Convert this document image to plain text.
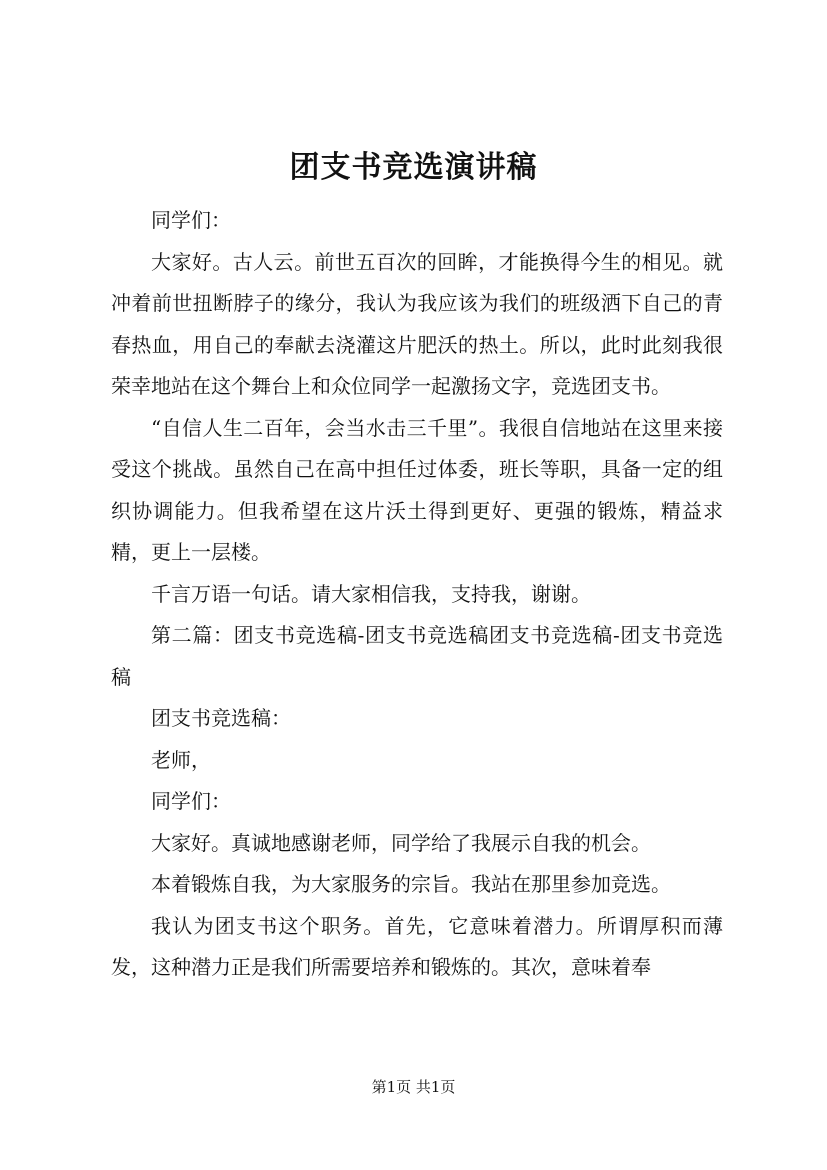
团支书竞选演讲稿

同学们：

大家好。古人云。前世五百次的回眸，才能换得今生的相见。就冲着前世扭断脖子的缘分，我认为我应该为我们的班级洒下自己的青春热血，用自己的奉献去浇灌这片肥沃的热土。所以，此时此刻我很荣幸地站在这个舞台上和众位同学一起激扬文字，竞选团支书。

“自信人生二百年，会当水击三千里”。我很自信地站在这里来接受这个挑战。虽然自己在高中担任过体委，班长等职，具备一定的组织协调能力。但我希望在这片沃土得到更好、更强的锻炼，精益求精，更上一层楼。

千言万语一句话。请大家相信我，支持我，谢谢。

第二篇：团支书竞选稿-团支书竞选稿团支书竞选稿-团支书竞选稿

团支书竞选稿：

老师，

同学们：

大家好。真诚地感谢老师，同学给了我展示自我的机会。

本着锻炼自我，为大家服务的宗旨。我站在那里参加竞选。

我认为团支书这个职务。首先，它意味着潜力。所谓厚积而薄发，这种潜力正是我们所需要培养和锻炼的。其次，意味着奉

第1页 共1页
